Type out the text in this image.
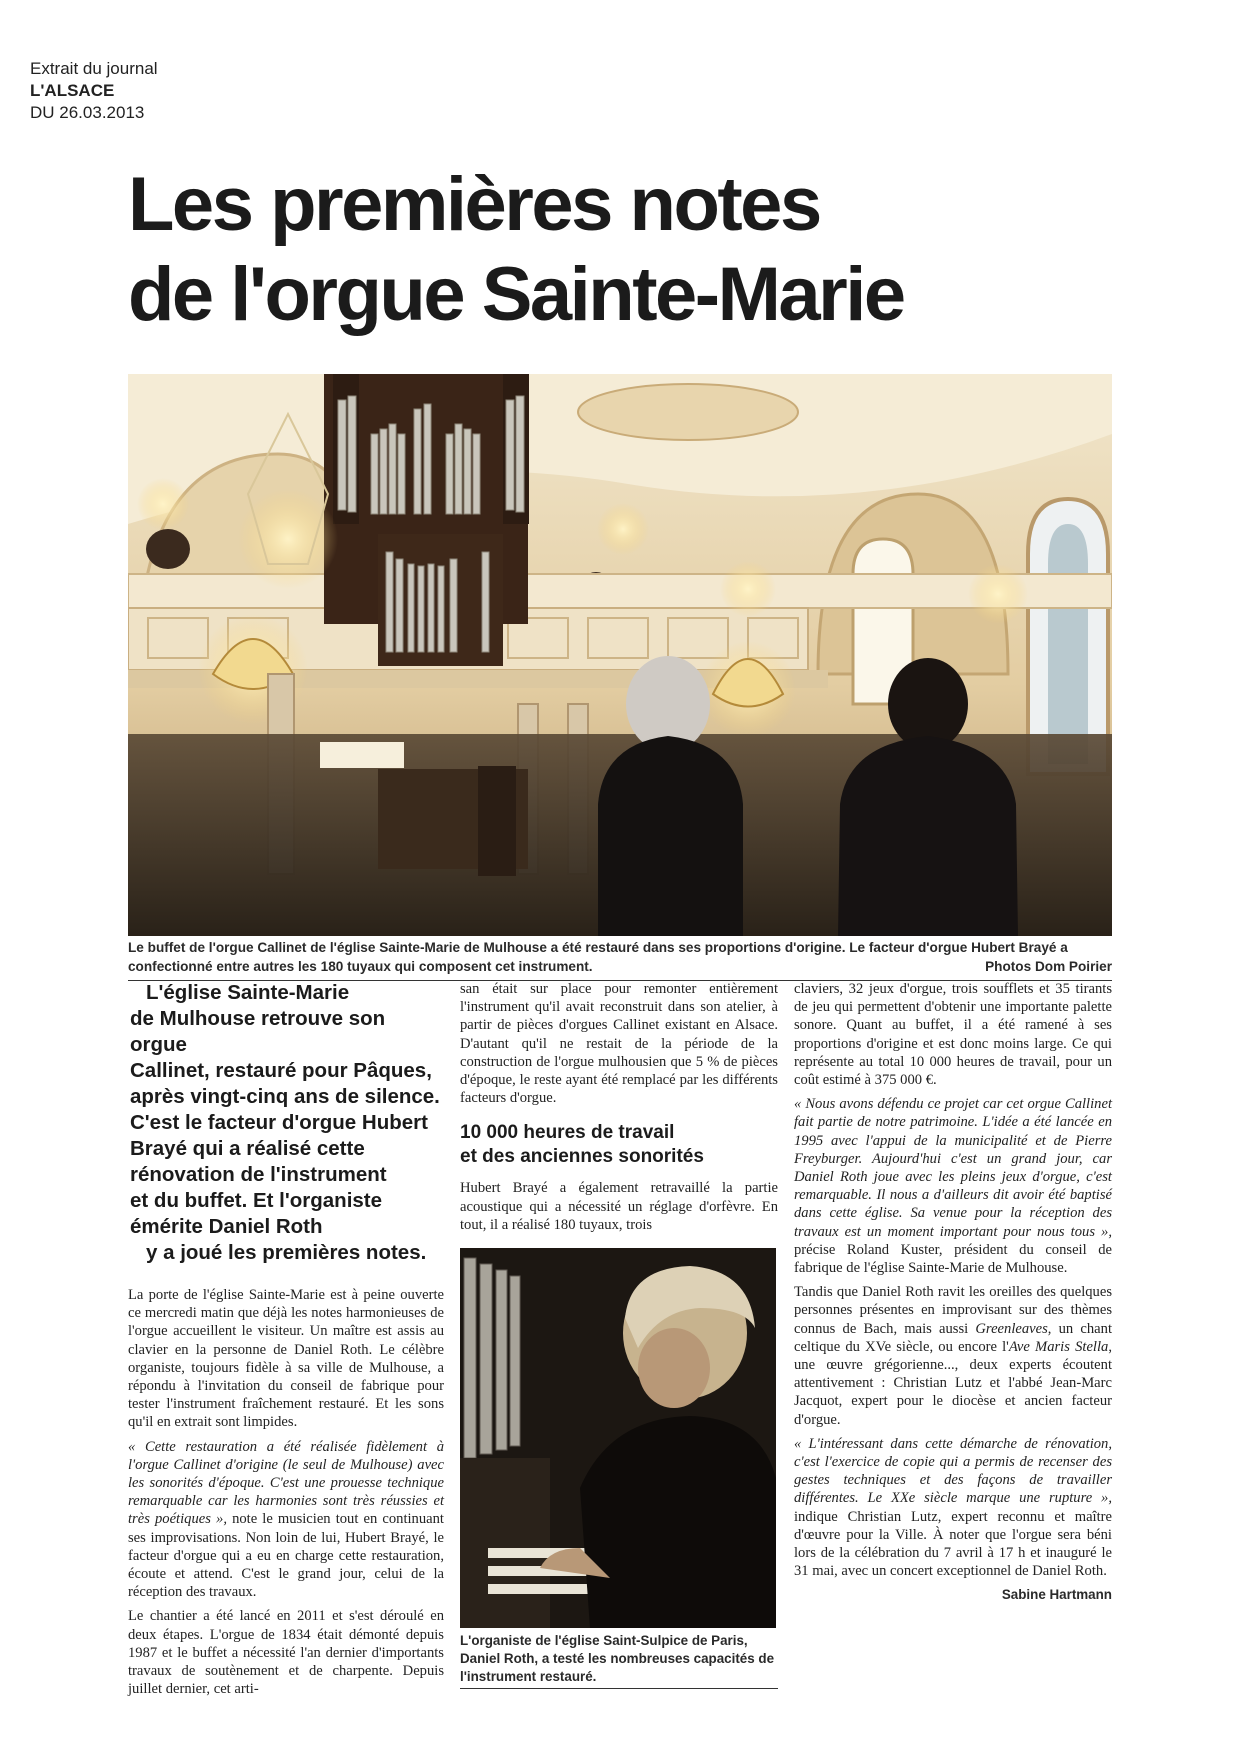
Extrait du journal
L'ALSACE
DU 26.03.2013
Les premières notes
de l'orgue Sainte-Marie
Le buffet de l'orgue Callinet de l'église Sainte-Marie de Mulhouse a été restauré dans ses proportions d'origine. Le facteur d'orgue Hubert Brayé a confectionné entre autres les 180 tuyaux qui composent cet instrument.	Photos Dom Poirier
L'église Sainte-Marie
de Mulhouse retrouve son orgue
Callinet, restauré pour Pâques,
après vingt-cinq ans de silence.
C'est le facteur d'orgue Hubert
Brayé qui a réalisé cette
rénovation de l'instrument
et du buffet. Et l'organiste
émérite Daniel Roth
y a joué les premières notes.

La porte de l'église Sainte-Marie est à peine ouverte ce mercredi matin que déjà les notes harmonieuses de l'orgue accueillent le visiteur. Un maître est assis au clavier en la personne de Daniel Roth. Le célèbre organiste, toujours fidèle à sa ville de Mulhouse, a répondu à l'invitation du conseil de fabrique pour tester l'instrument fraîchement restauré. Et les sons qu'il en extrait sont limpides.

« Cette restauration a été réalisée fidèlement à l'orgue Callinet d'origine (le seul de Mulhouse) avec les sonorités d'époque. C'est une prouesse technique remarquable car les harmonies sont très réussies et très poétiques », note le musicien tout en continuant ses improvisations. Non loin de lui, Hubert Brayé, le facteur d'orgue qui a eu en charge cette restauration, écoute et attend. C'est le grand jour, celui de la réception des travaux.

Le chantier a été lancé en 2011 et s'est déroulé en deux étapes. L'orgue de 1834 était démonté depuis 1987 et le buffet a nécessité l'an dernier d'importants travaux de soutènement et de charpente. Depuis juillet dernier, cet arti-

san était sur place pour remonter entièrement l'instrument qu'il avait reconstruit dans son atelier, à partir de pièces d'orgues Callinet existant en Alsace. D'autant qu'il ne restait de la période de la construction de l'orgue mulhousien que 5 % de pièces d'époque, le reste ayant été remplacé par les différents facteurs d'orgue.

10 000 heures de travail
et des anciennes sonorités

Hubert Brayé a également retravaillé la partie acoustique qui a nécessité un réglage d'orfèvre. En tout, il a réalisé 180 tuyaux, trois

L'organiste de l'église Saint-Sulpice de Paris, Daniel Roth, a testé les nombreuses capacités de l'instrument restauré.

claviers, 32 jeux d'orgue, trois soufflets et 35 tirants de jeu qui permettent d'obtenir une importante palette sonore. Quant au buffet, il a été ramené à ses proportions d'origine et est donc moins large. Ce qui représente au total 10 000 heures de travail, pour un coût estimé à 375 000 €.

« Nous avons défendu ce projet car cet orgue Callinet fait partie de notre patrimoine. L'idée a été lancée en 1995 avec l'appui de la municipalité et de Pierre Freyburger. Aujourd'hui c'est un grand jour, car Daniel Roth joue avec les pleins jeux d'orgue, c'est remarquable. Il nous a d'ailleurs dit avoir été baptisé dans cette église. Sa venue pour la réception des travaux est un moment important pour nous tous », précise Roland Kuster, président du conseil de fabrique de l'église Sainte-Marie de Mulhouse.

Tandis que Daniel Roth ravit les oreilles des quelques personnes présentes en improvisant sur des thèmes connus de Bach, mais aussi Greenleaves, un chant celtique du XVe siècle, ou encore l'Ave Maris Stella, une œuvre grégorienne..., deux experts écoutent attentivement : Christian Lutz et l'abbé Jean-Marc Jacquot, expert pour le diocèse et ancien facteur d'orgue.

« L'intéressant dans cette démarche de rénovation, c'est l'exercice de copie qui a permis de recenser des gestes techniques et des façons de travailler différentes. Le XXe siècle marque une rupture », indique Christian Lutz, expert reconnu et maître d'œuvre pour la Ville. À noter que l'orgue sera béni lors de la célébration du 7 avril à 17 h et inauguré le 31 mai, avec un concert exceptionnel de Daniel Roth.

Sabine Hartmann
